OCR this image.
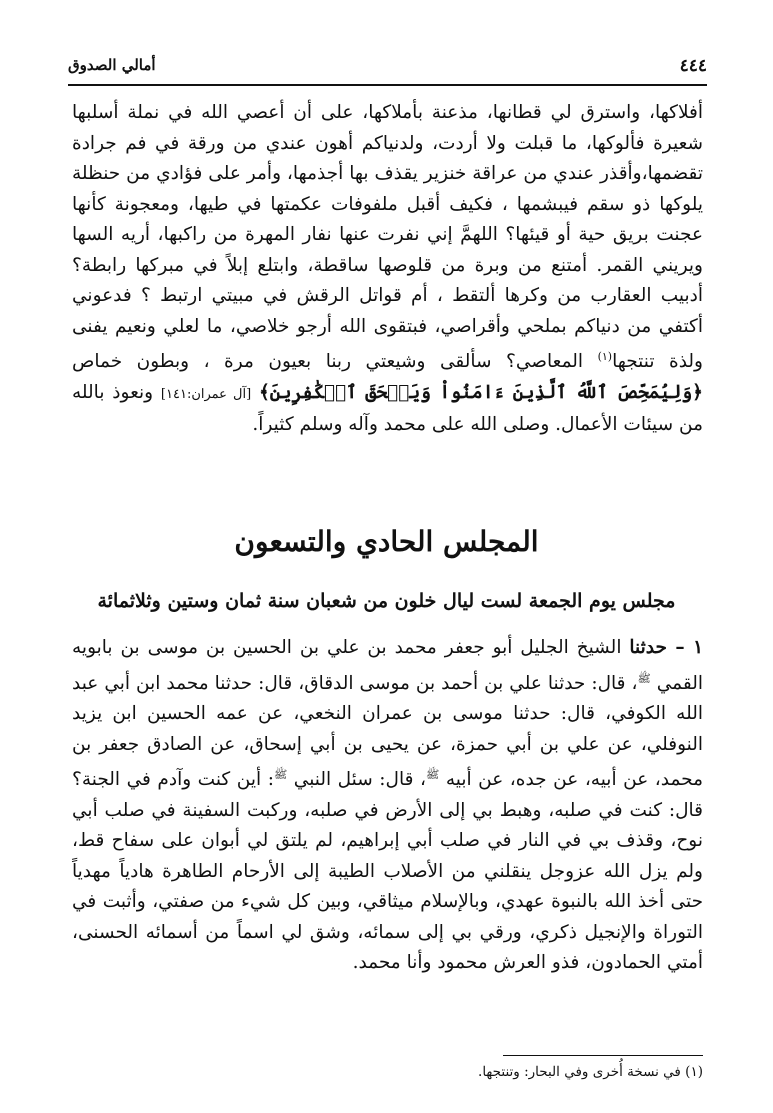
أمالي الصدوق	٤٤٤

أفلاكها، واسترق لي قطانها، مذعنة بأملاكها، على أن أعصي الله في نملة أسلبها شعيرة فألوكها، ما قبلت ولا أردت، ولدنياكم أهون عندي من ورقة في فم جرادة تقضمها،وأقذر عندي من عراقة خنزير يقذف بها أجذمها، وأمر على فؤادي من حنظلة يلوكها ذو سقم فيبشمها ، فكيف أقبل ملفوفات عكمتها في طيها، ومعجونة كأنها عجنت بريق حية أو قيئها؟ اللهمَّ إني نفرت عنها نفار المهرة من راكبها، أريه السها ويريني القمر. أمتنع من وبرة من قلوصها ساقطة، وابتلع إبلاً في مبركها رابطة؟ أدبيب العقارب من وكرها ألتقط ، أم قواتل الرقش في مبيتي ارتبط ؟ فدعوني أكتفي من دنياكم بملحي وأقراصي، فبتقوى الله أرجو خلاصي، ما لعلي ونعيم يفنى ولذة تنتجها$^{(١)}$ المعاصي؟ سألقى وشيعتي ربنا بعيون مرة ، وبطون خماص ﴿وَلِيُمَحِّصَ ٱللَّهُ ٱلَّذِينَ ءَامَنُواْ وَيَمۡحَقَ ٱلۡكَٰفِرِينَ﴾ [آل عمران:١٤١] ونعوذ بالله من سيئات الأعمال. وصلى الله على محمد وآله وسلم كثيراً.

المجلس الحادي والتسعون
مجلس يوم الجمعة لست ليال خلون من شعبان سنة ثمان وستين وثلاثمائة

١ – حدثنا الشيخ الجليل أبو جعفر محمد بن علي بن الحسين بن موسى بن بابويه القمي $^ﷺ$، قال: حدثنا علي بن أحمد بن موسى الدقاق، قال: حدثنا محمد ابن أبي عبد الله الكوفي، قال: حدثنا موسى بن عمران النخعي، عن عمه الحسين ابن يزيد النوفلي، عن علي بن أبي حمزة، عن يحيى بن أبي إسحاق، عن الصادق جعفر بن محمد، عن أبيه، عن جده، عن أبيه $^ﷺ$، قال: سئل النبي $^ﷺ$: أين كنت وآدم في الجنة؟ قال: كنت في صلبه، وهبط بي إلى الأرض في صلبه، وركبت السفينة في صلب أبي نوح، وقذف بي في النار في صلب أبي إبراهيم، لم يلتق لي أبوان على سفاح قط، ولم يزل الله عزوجل ينقلني من الأصلاب الطيبة إلى الأرحام الطاهرة هادياً مهدياً حتى أخذ الله بالنبوة عهدي، وبالإسلام ميثاقي، وبين كل شيء من صفتي، وأثبت في التوراة والإنجيل ذكري، ورقي بي إلى سمائه، وشق لي اسماً من أسمائه الحسنى، أمتي الحمادون، فذو العرش محمود وأنا محمد.

(١) في نسخة أُخرى وفي البحار: وتنتجها.
